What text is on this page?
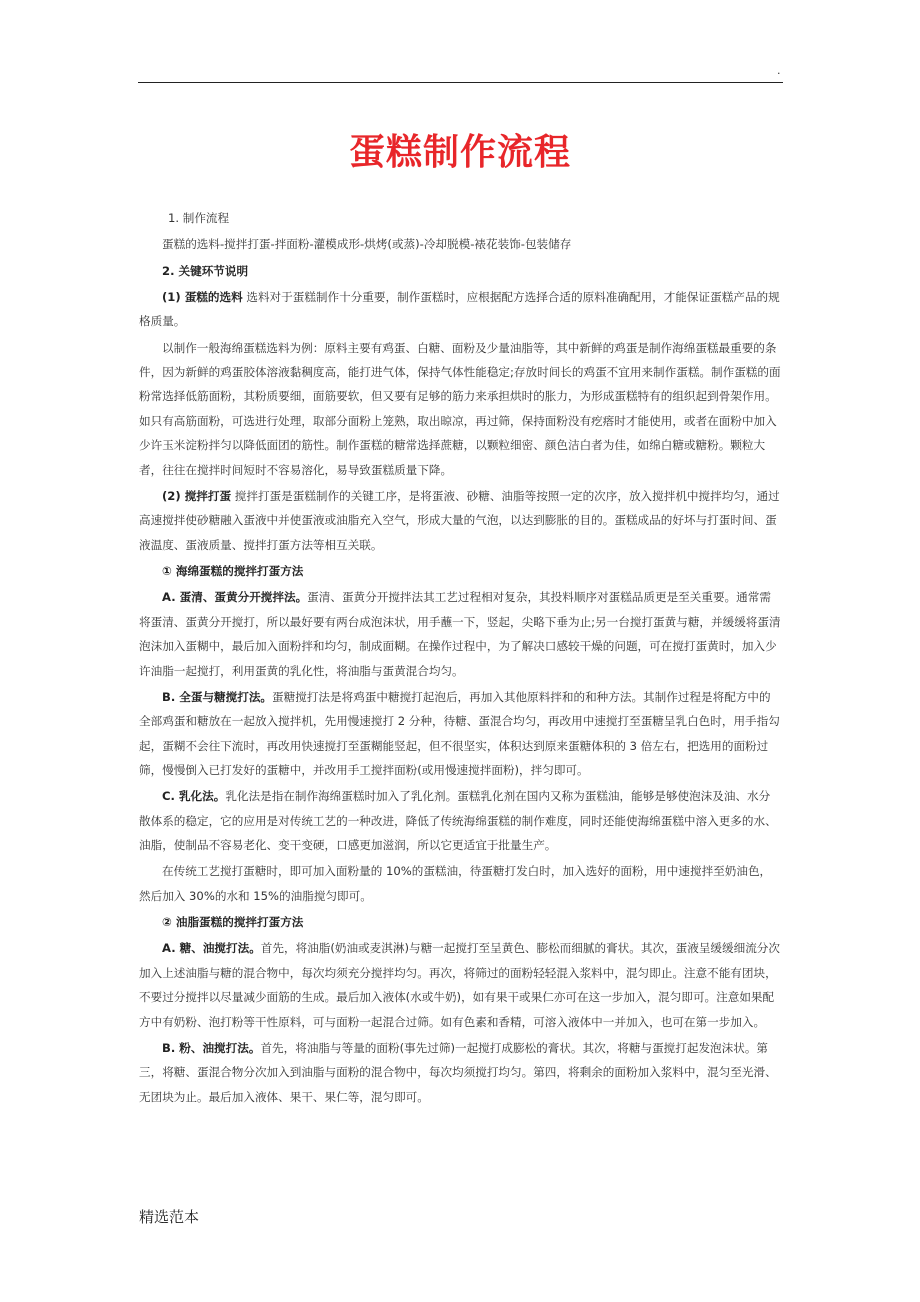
.
蛋糕制作流程

1. 制作流程

蛋糕的选料-搅拌打蛋-拌面粉-灌模成形-烘烤(或蒸)-冷却脱模-裱花装饰-包装储存

2. 关键环节说明

(1) 蛋糕的选料 选料对于蛋糕制作十分重要，制作蛋糕时，应根据配方选择合适的原料准确配用，才能保证蛋糕产品的规格质量。

以制作一般海绵蛋糕选料为例：原料主要有鸡蛋、白糖、面粉及少量油脂等，其中新鲜的鸡蛋是制作海绵蛋糕最重要的条件，因为新鲜的鸡蛋胶体溶液黏稠度高，能打进气体，保持气体性能稳定;存放时间长的鸡蛋不宜用来制作蛋糕。制作蛋糕的面粉常选择低筋面粉，其粉质要细，面筋要软，但又要有足够的筋力来承担烘时的胀力，为形成蛋糕特有的组织起到骨架作用。如只有高筋面粉，可选进行处理，取部分面粉上笼熟，取出晾凉，再过筛，保持面粉没有疙瘩时才能使用，或者在面粉中加入少许玉米淀粉拌匀以降低面团的筋性。制作蛋糕的糖常选择蔗糖，以颗粒细密、颜色洁白者为佳，如绵白糖或糖粉。颗粒大者，往往在搅拌时间短时不容易溶化，易导致蛋糕质量下降。

(2) 搅拌打蛋 搅拌打蛋是蛋糕制作的关键工序，是将蛋液、砂糖、油脂等按照一定的次序，放入搅拌机中搅拌均匀，通过高速搅拌使砂糖融入蛋液中并使蛋液或油脂充入空气，形成大量的气泡，以达到膨胀的目的。蛋糕成品的好坏与打蛋时间、蛋液温度、蛋液质量、搅拌打蛋方法等相互关联。

① 海绵蛋糕的搅拌打蛋方法

A. 蛋清、蛋黄分开搅拌法。蛋清、蛋黄分开搅拌法其工艺过程相对复杂，其投料顺序对蛋糕品质更是至关重要。通常需将蛋清、蛋黄分开搅打，所以最好要有两台成泡沫状，用手蘸一下，竖起，尖略下垂为止;另一台搅打蛋黄与糖，并缓缓将蛋清泡沫加入蛋糊中，最后加入面粉拌和均匀，制成面糊。在操作过程中，为了解决口感较干燥的问题，可在搅打蛋黄时，加入少许油脂一起搅打，利用蛋黄的乳化性，将油脂与蛋黄混合均匀。

B. 全蛋与糖搅打法。蛋糖搅打法是将鸡蛋中糖搅打起泡后，再加入其他原料拌和的和种方法。其制作过程是将配方中的全部鸡蛋和糖放在一起放入搅拌机，先用慢速搅打 2 分种，待糖、蛋混合均匀，再改用中速搅打至蛋糖呈乳白色时，用手指勾起，蛋糊不会往下流时，再改用快速搅打至蛋糊能竖起，但不很坚实，体积达到原来蛋糖体积的 3 倍左右，把选用的面粉过筛，慢慢倒入已打发好的蛋糖中，并改用手工搅拌面粉(或用慢速搅拌面粉)，拌匀即可。

C. 乳化法。乳化法是指在制作海绵蛋糕时加入了乳化剂。蛋糕乳化剂在国内又称为蛋糕油，能够是够使泡沫及油、水分散体系的稳定，它的应用是对传统工艺的一种改进，降低了传统海绵蛋糕的制作难度，同时还能使海绵蛋糕中溶入更多的水、油脂，使制品不容易老化、变干变硬，口感更加滋润，所以它更适宜于批量生产。

在传统工艺搅打蛋糖时，即可加入面粉量的 10%的蛋糕油，待蛋糖打发白时，加入选好的面粉，用中速搅拌至奶油色，然后加入 30%的水和 15%的油脂搅匀即可。

② 油脂蛋糕的搅拌打蛋方法

A. 糖、油搅打法。首先，将油脂(奶油或麦淇淋)与糖一起搅打至呈黄色、膨松而细腻的膏状。其次，蛋液呈缓缓细流分次加入上述油脂与糖的混合物中，每次均须充分搅拌均匀。再次，将筛过的面粉轻轻混入浆料中，混匀即止。注意不能有团块，不要过分搅拌以尽量减少面筋的生成。最后加入液体(水或牛奶)，如有果干或果仁亦可在这一步加入，混匀即可。注意如果配方中有奶粉、泡打粉等干性原料，可与面粉一起混合过筛。如有色素和香精，可溶入液体中一并加入，也可在第一步加入。

B. 粉、油搅打法。首先，将油脂与等量的面粉(事先过筛)一起搅打成膨松的膏状。其次，将糖与蛋搅打起发泡沫状。第三，将糖、蛋混合物分次加入到油脂与面粉的混合物中，每次均须搅打均匀。第四，将剩余的面粉加入浆料中，混匀至光滑、无团块为止。最后加入液体、果干、果仁等，混匀即可。

精选范本
